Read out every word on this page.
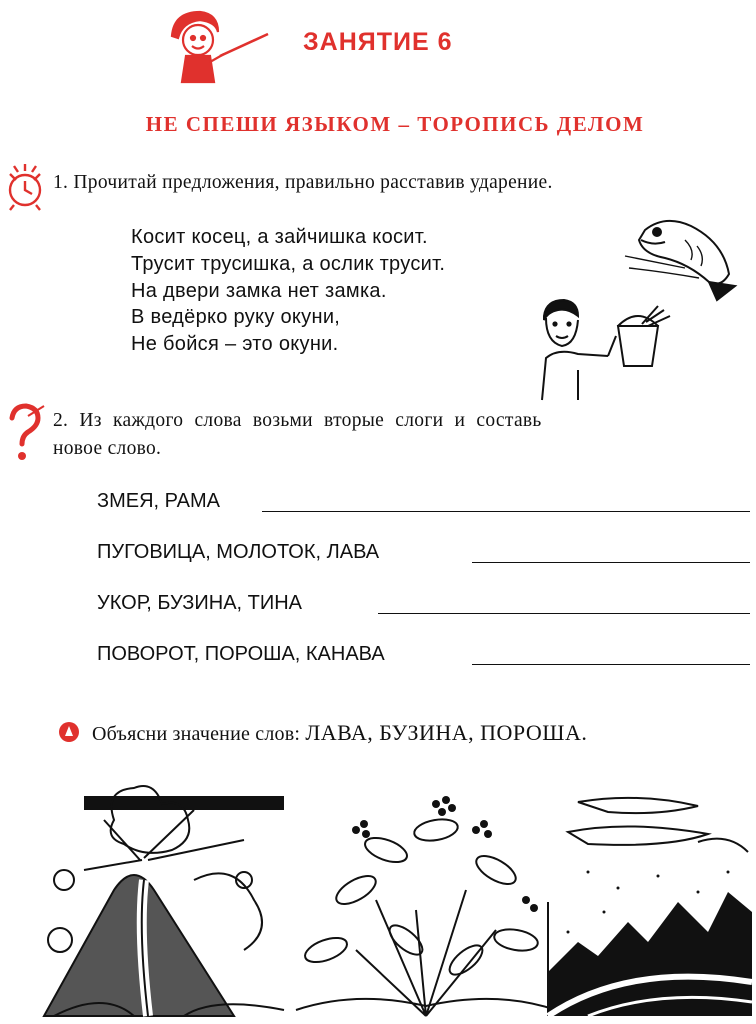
ЗАНЯТИЕ 6
НЕ СПЕШИ ЯЗЫКОМ – ТОРОПИСЬ ДЕЛОМ
1. Прочитай предложения, правильно расставив ударение.
Косит косец, а зайчишка косит.
Трусит трусишка, а ослик трусит.
На двери замка нет замка.
В ведёрко руку окуни,
Не бойся – это окуни.
2. Из каждого слова возьми вторые слоги и составь
новое слово.
ЗМЕЯ, РАМА
ПУГОВИЦА, МОЛОТОК, ЛАВА
УКОР, БУЗИНА, ТИНА
ПОВОРОТ, ПОРОША, КАНАВА
Объясни значение слов: ЛАВА, БУЗИНА, ПОРОША.
